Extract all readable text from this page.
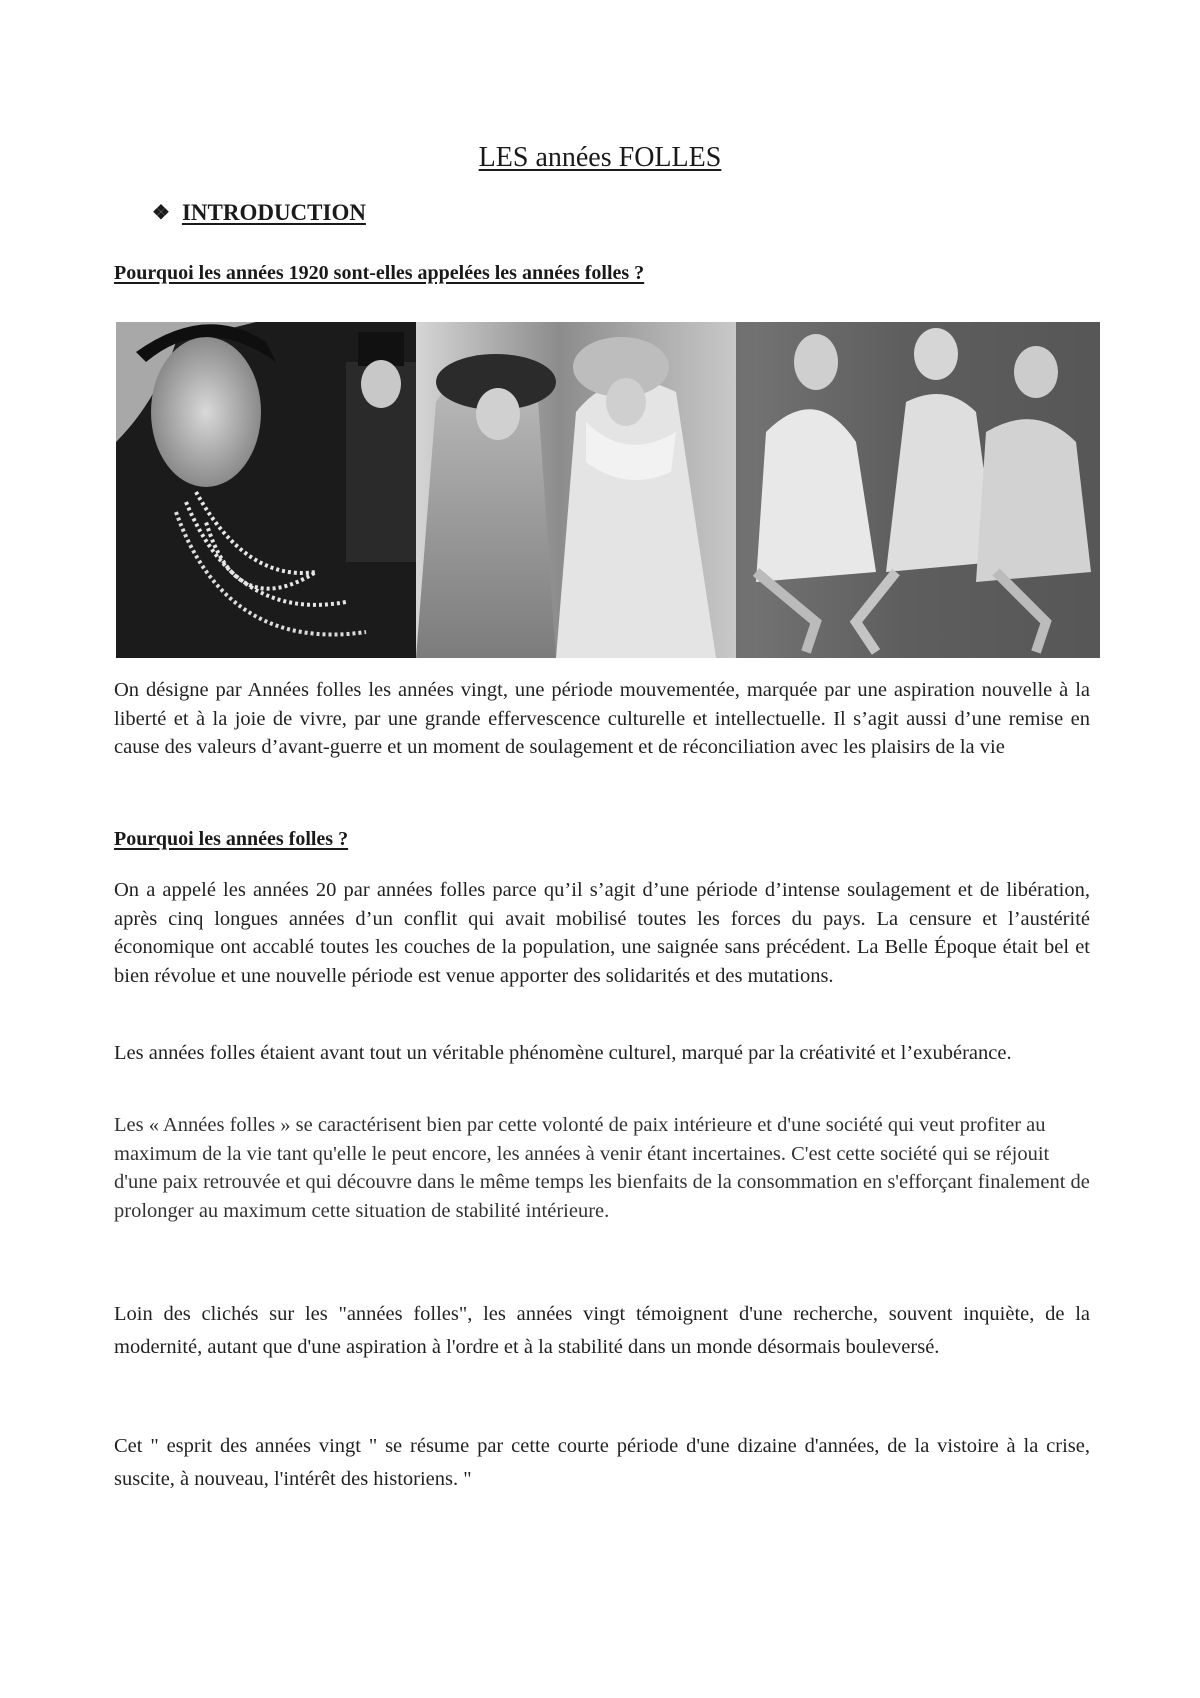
LES années FOLLES
❖ INTRODUCTION
Pourquoi les années 1920 sont-elles appelées les années folles ?

On désigne par Années folles les années vingt, une période mouvementée, marquée par une aspiration nouvelle à la liberté et à la joie de vivre, par une grande effervescence culturelle et intellectuelle. Il s’agit aussi d’une remise en cause des valeurs d’avant-guerre et un moment de soulagement et de réconciliation avec les plaisirs de la vie

Pourquoi les années folles ?

On a appelé les années 20 par années folles parce qu’il s’agit d’une période d’intense soulagement et de libération, après cinq longues années d’un conflit qui avait mobilisé toutes les forces du pays. La censure et l’austérité économique ont accablé toutes les couches de la population, une saignée sans précédent. La Belle Époque était bel et bien révolue et une nouvelle période est venue apporter des solidarités et des mutations.

Les années folles étaient avant tout un véritable phénomène culturel, marqué par la créativité et l’exubérance.

Les « Années folles » se caractérisent bien par cette volonté de paix intérieure et d'une société qui veut profiter au maximum de la vie tant qu'elle le peut encore, les années à venir étant incertaines. C'est cette société qui se réjouit d'une paix retrouvée et qui découvre dans le même temps les bienfaits de la consommation en s'efforçant finalement de prolonger au maximum cette situation de stabilité intérieure.

Loin des clichés sur les "années folles", les années vingt témoignent d'une recherche, souvent inquiète, de la modernité, autant que d'une aspiration à l'ordre et à la stabilité dans un monde désormais bouleversé.

Cet " esprit des années vingt " se résume par cette courte période d'une dizaine d'années, de la vistoire à la crise, suscite, à nouveau, l'intérêt des historiens. "
